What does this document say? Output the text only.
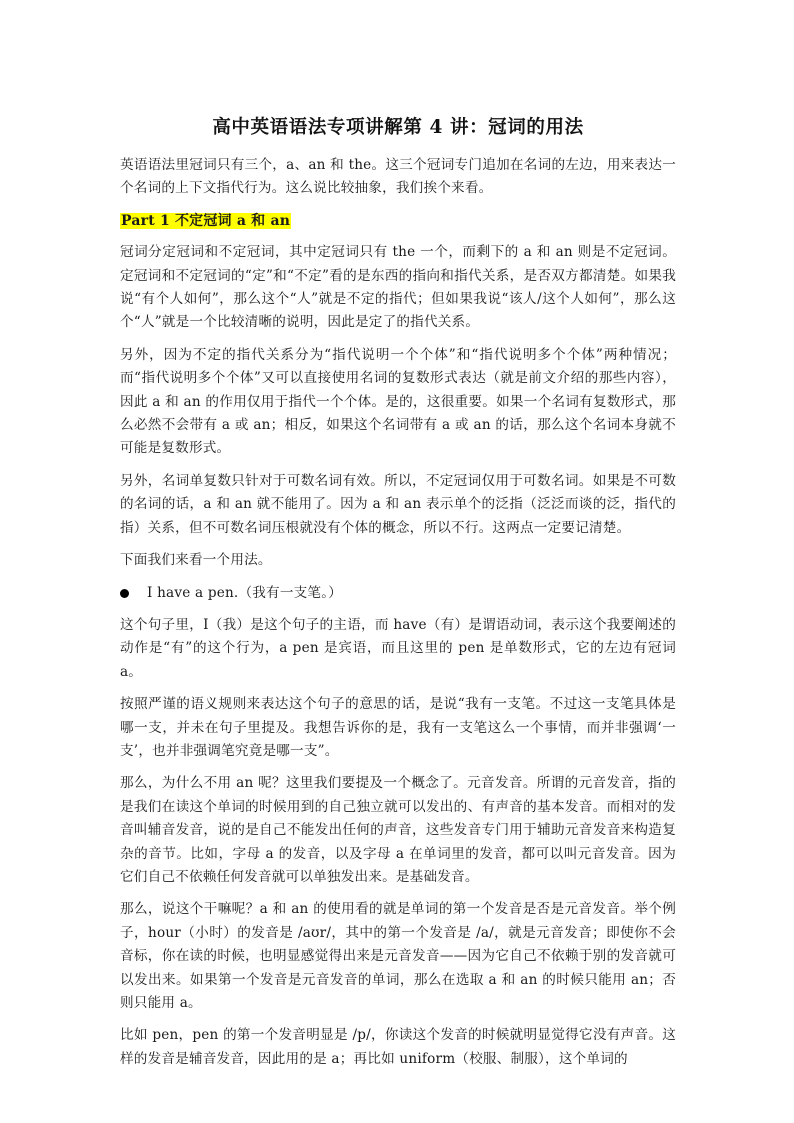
高中英语语法专项讲解第 4 讲：冠词的用法

英语语法里冠词只有三个，a、an 和 the。这三个冠词专门追加在名词的左边，用来表达一个名词的上下文指代行为。这么说比较抽象，我们挨个来看。

Part 1 不定冠词 a 和 an

冠词分定冠词和不定冠词，其中定冠词只有 the 一个，而剩下的 a 和 an 则是不定冠词。定冠词和不定冠词的“定”和“不定”看的是东西的指向和指代关系，是否双方都清楚。如果我说“有个人如何”，那么这个“人”就是不定的指代；但如果我说“该人/这个人如何”，那么这个“人”就是一个比较清晰的说明，因此是定了的指代关系。

另外，因为不定的指代关系分为“指代说明一个个体”和“指代说明多个个体”两种情况；而“指代说明多个个体”又可以直接使用名词的复数形式表达（就是前文介绍的那些内容），因此 a 和 an 的作用仅用于指代一个个体。是的，这很重要。如果一个名词有复数形式，那么必然不会带有 a 或 an；相反，如果这个名词带有 a 或 an 的话，那么这个名词本身就不可能是复数形式。

另外，名词单复数只针对于可数名词有效。所以，不定冠词仅用于可数名词。如果是不可数的名词的话，a 和 an 就不能用了。因为 a 和 an 表示单个的泛指（泛泛而谈的泛，指代的指）关系，但不可数名词压根就没有个体的概念，所以不行。这两点一定要记清楚。

下面我们来看一个用法。

I have a pen.（我有一支笔。）

这个句子里，I（我）是这个句子的主语，而 have（有）是谓语动词，表示这个我要阐述的动作是“有”的这个行为，a pen 是宾语，而且这里的 pen 是单数形式，它的左边有冠词 a。

按照严谨的语义规则来表达这个句子的意思的话，是说“我有一支笔。不过这一支笔具体是哪一支，并未在句子里提及。我想告诉你的是，我有一支笔这么一个事情，而并非强调‘一支’，也并非强调笔究竟是哪一支”。

那么，为什么不用 an 呢？这里我们要提及一个概念了。元音发音。所谓的元音发音，指的是我们在读这个单词的时候用到的自己独立就可以发出的、有声音的基本发音。而相对的发音叫辅音发音，说的是自己不能发出任何的声音，这些发音专门用于辅助元音发音来构造复杂的音节。比如，字母 a 的发音，以及字母 a 在单词里的发音，都可以叫元音发音。因为它们自己不依赖任何发音就可以单独发出来。是基础发音。

那么，说这个干嘛呢？a 和 an 的使用看的就是单词的第一个发音是否是元音发音。举个例子，hour（小时）的发音是 /aʊr/，其中的第一个发音是 /a/，就是元音发音；即使你不会音标，你在读的时候，也明显感觉得出来是元音发音——因为它自己不依赖于别的发音就可以发出来。如果第一个发音是元音发音的单词，那么在选取 a 和 an 的时候只能用 an；否则只能用 a。

比如 pen，pen 的第一个发音明显是 /p/，你读这个发音的时候就明显觉得它没有声音。这样的发音是辅音发音，因此用的是 a；再比如 uniform（校服、制服），这个单词的
